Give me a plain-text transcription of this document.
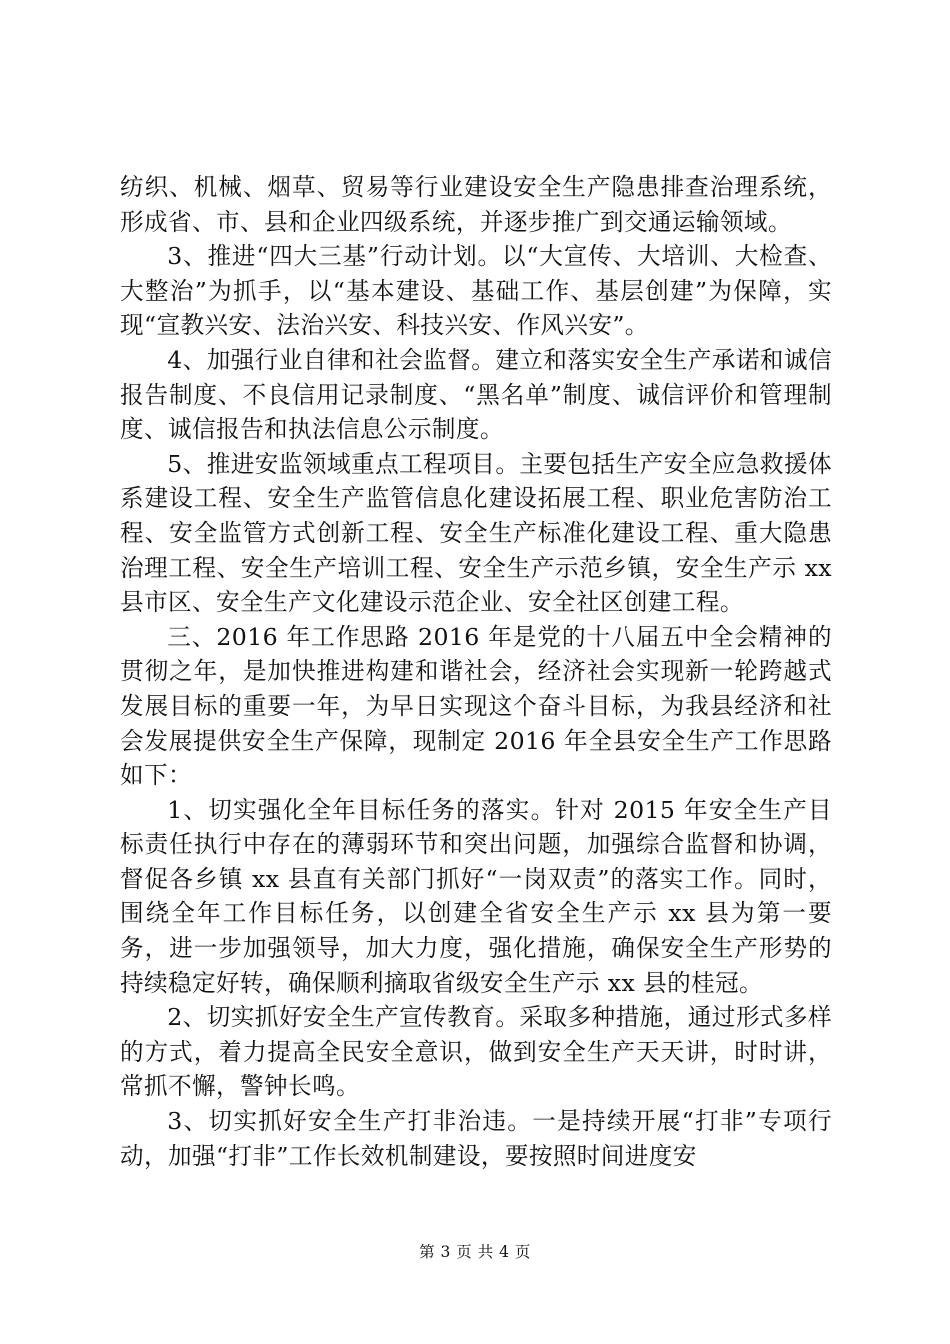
纺织、机械、烟草、贸易等行业建设安全生产隐患排查治理系统，形成省、市、县和企业四级系统，并逐步推广到交通运输领域。

3、推进“四大三基”行动计划。以“大宣传、大培训、大检查、大整治”为抓手，以“基本建设、基础工作、基层创建”为保障，实现“宣教兴安、法治兴安、科技兴安、作风兴安”。

4、加强行业自律和社会监督。建立和落实安全生产承诺和诚信报告制度、不良信用记录制度、“黑名单”制度、诚信评价和管理制度、诚信报告和执法信息公示制度。

5、推进安监领域重点工程项目。主要包括生产安全应急救援体系建设工程、安全生产监管信息化建设拓展工程、职业危害防治工程、安全监管方式创新工程、安全生产标准化建设工程、重大隐患治理工程、安全生产培训工程、安全生产示范乡镇，安全生产示 xx 县市区、安全生产文化建设示范企业、安全社区创建工程。

三、2016 年工作思路 2016 年是党的十八届五中全会精神的贯彻之年，是加快推进构建和谐社会，经济社会实现新一轮跨越式发展目标的重要一年，为早日实现这个奋斗目标，为我县经济和社会发展提供安全生产保障，现制定 2016 年全县安全生产工作思路如下：

1、切实强化全年目标任务的落实。针对 2015 年安全生产目标责任执行中存在的薄弱环节和突出问题，加强综合监督和协调，督促各乡镇 xx 县直有关部门抓好“一岗双责”的落实工作。同时，围绕全年工作目标任务，以创建全省安全生产示 xx 县为第一要务，进一步加强领导，加大力度，强化措施，确保安全生产形势的持续稳定好转，确保顺利摘取省级安全生产示 xx 县的桂冠。

2、切实抓好安全生产宣传教育。采取多种措施，通过形式多样的方式，着力提高全民安全意识，做到安全生产天天讲，时时讲，常抓不懈，警钟长鸣。

3、切实抓好安全生产打非治违。一是持续开展“打非”专项行动，加强“打非”工作长效机制建设，要按照时间进度安

第 3 页 共 4 页
